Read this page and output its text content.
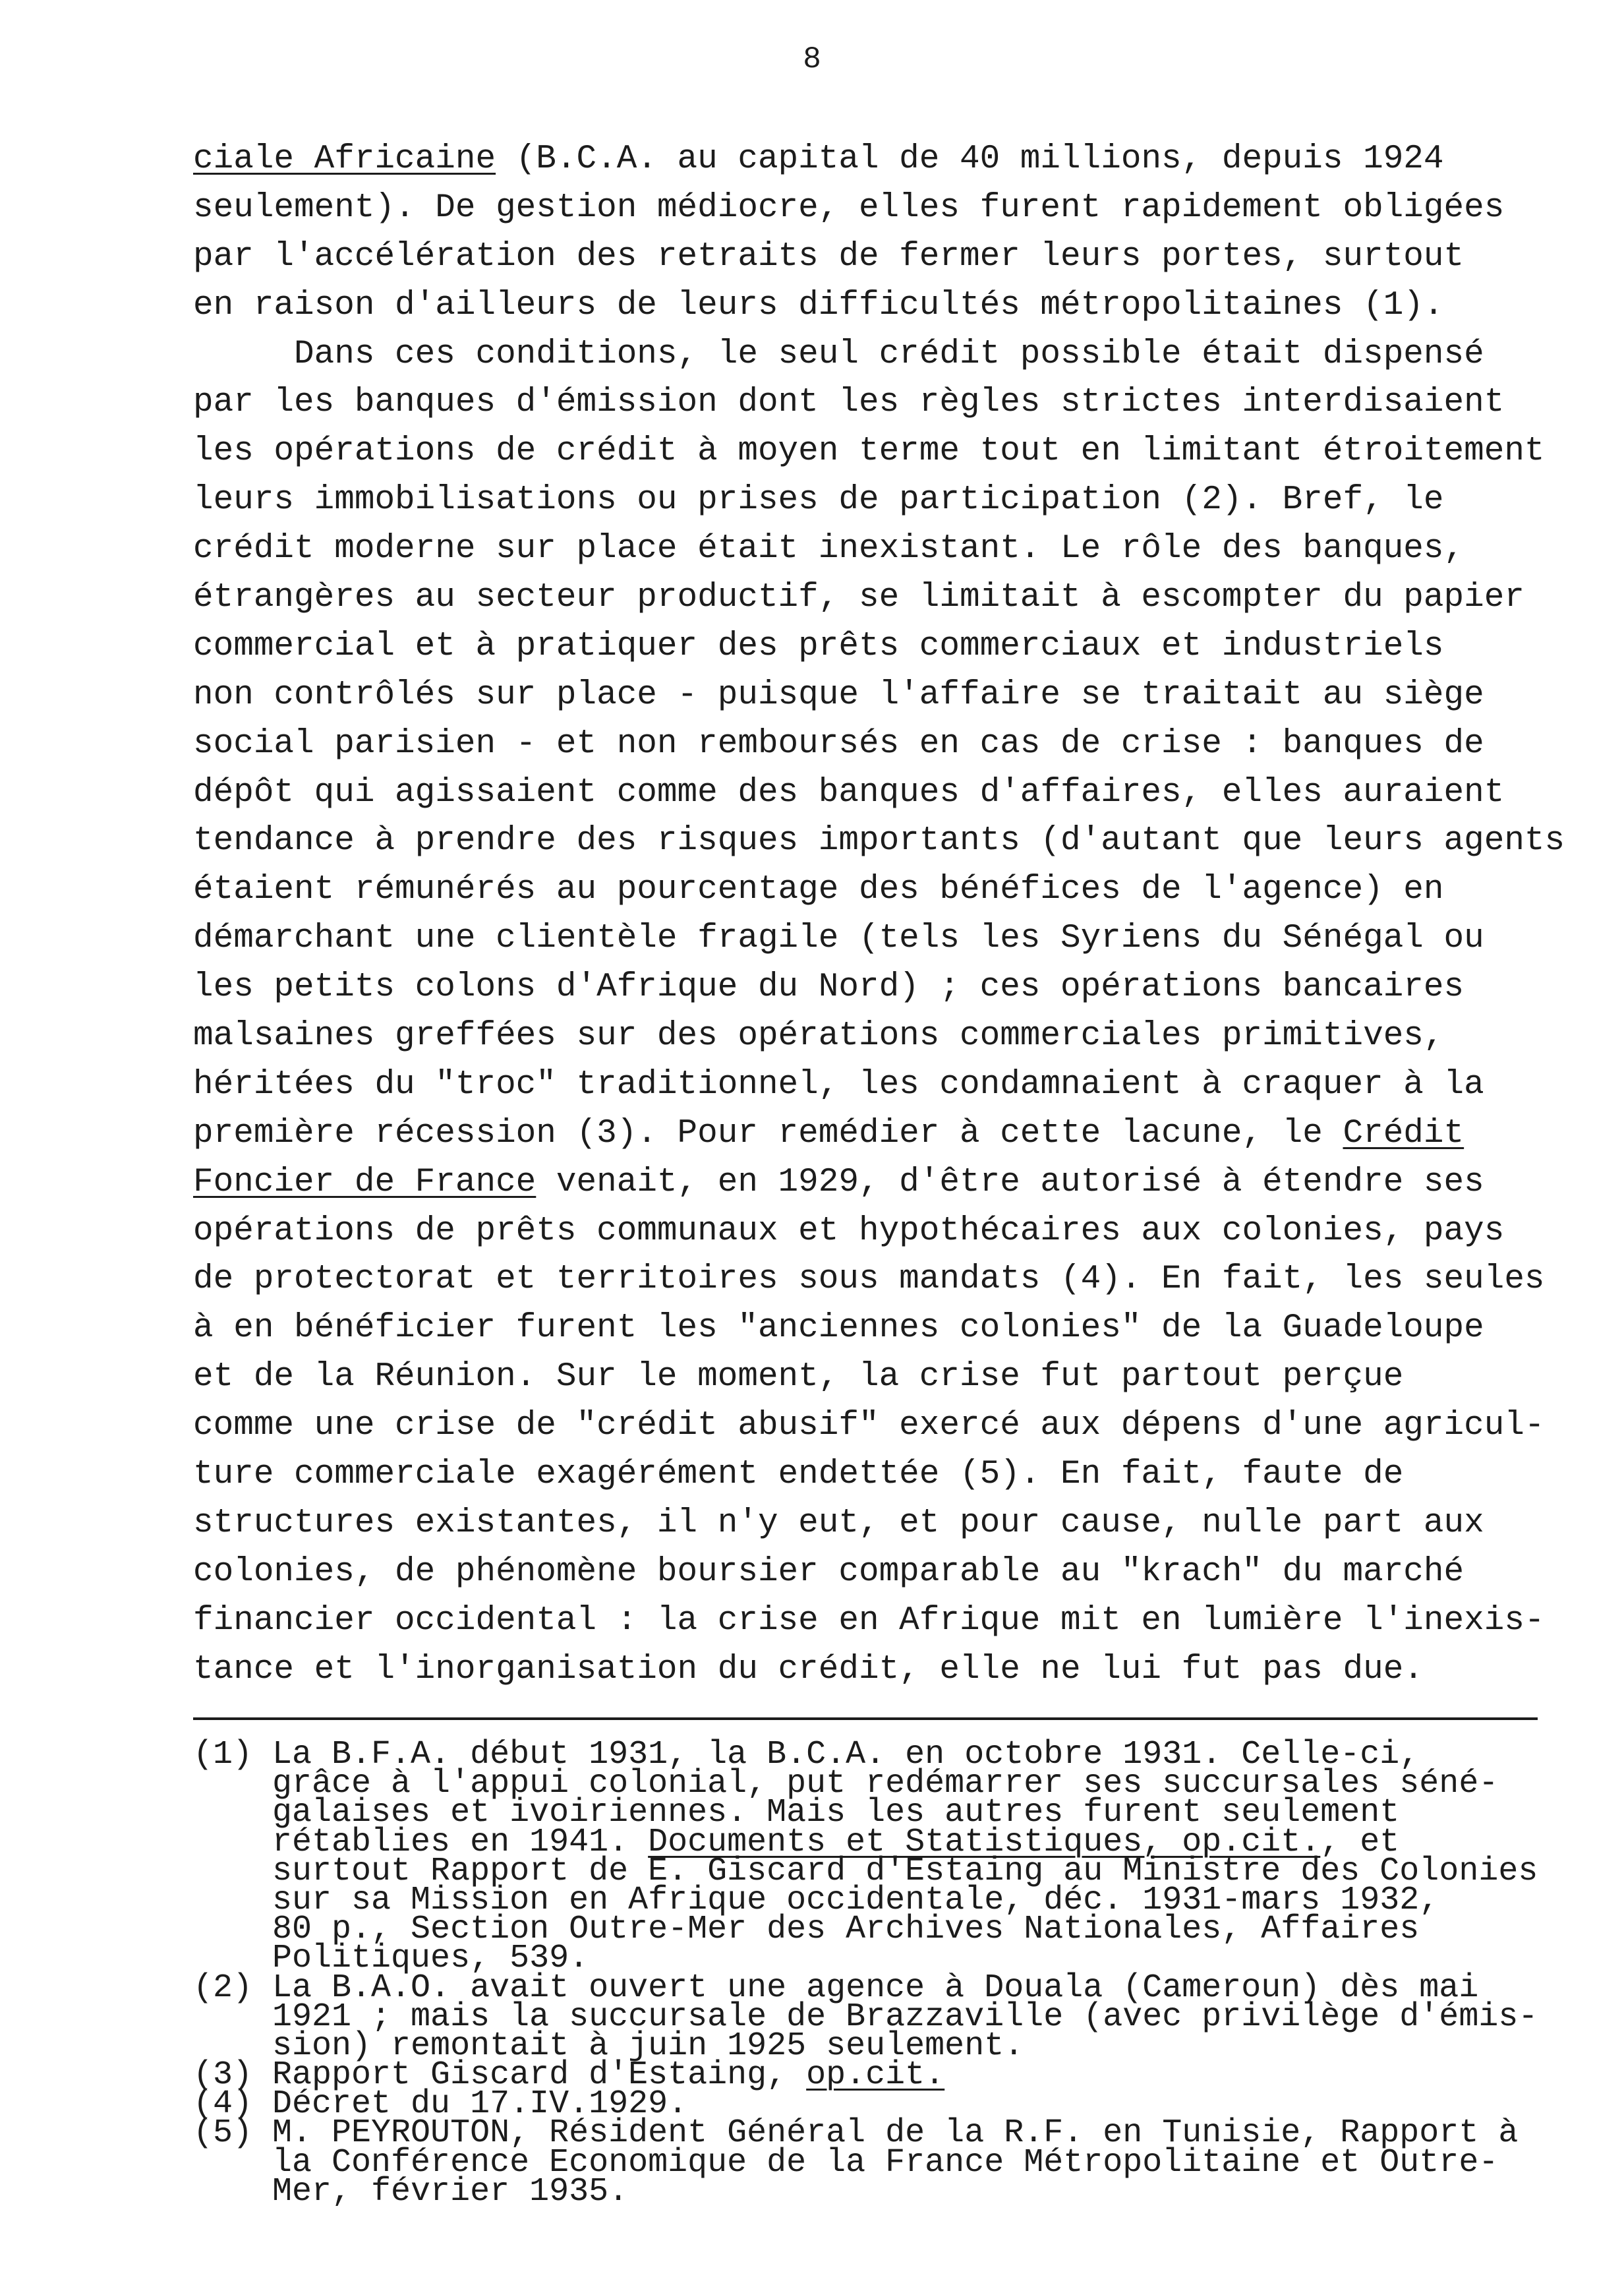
8
ciale Africaine (B.C.A. au capital de 40 millions, depuis 1924
seulement). De gestion médiocre, elles furent rapidement obligées
par l'accélération des retraits de fermer leurs portes, surtout
en raison d'ailleurs de leurs difficultés métropolitaines (1).
Dans ces conditions, le seul crédit possible était dispensé
par les banques d'émission dont les règles strictes interdisaient
les opérations de crédit à moyen terme tout en limitant étroitement
leurs immobilisations ou prises de participation (2). Bref, le
crédit moderne sur place était inexistant. Le rôle des banques,
étrangères au secteur productif, se limitait à escompter du papier
commercial et à pratiquer des prêts commerciaux et industriels
non contrôlés sur place - puisque l'affaire se traitait au siège
social parisien - et non remboursés en cas de crise : banques de
dépôt qui agissaient comme des banques d'affaires, elles auraient
tendance à prendre des risques importants (d'autant que leurs agents
étaient rémunérés au pourcentage des bénéfices de l'agence) en
démarchant une clientèle fragile (tels les Syriens du Sénégal ou
les petits colons d'Afrique du Nord) ; ces opérations bancaires
malsaines greffées sur des opérations commerciales primitives,
héritées du "troc" traditionnel, les condamnaient à craquer à la
première récession (3). Pour remédier à cette lacune, le Crédit
Foncier de France venait, en 1929, d'être autorisé à étendre ses
opérations de prêts communaux et hypothécaires aux colonies, pays
de protectorat et territoires sous mandats (4). En fait, les seules
à en bénéficier furent les "anciennes colonies" de la Guadeloupe
et de la Réunion. Sur le moment, la crise fut partout perçue
comme une crise de "crédit abusif" exercé aux dépens d'une agricul-
ture commerciale exagérément endettée (5). En fait, faute de
structures existantes, il n'y eut, et pour cause, nulle part aux
colonies, de phénomène boursier comparable au "krach" du marché
financier occidental : la crise en Afrique mit en lumière l'inexis-
tance et l'inorganisation du crédit, elle ne lui fut pas due.
(1) La B.F.A. début 1931, la B.C.A. en octobre 1931. Celle-ci,
grâce à l'appui colonial, put redémarrer ses succursales séné-
galaises et ivoiriennes. Mais les autres furent seulement
rétablies en 1941. Documents et Statistiques, op.cit., et
surtout Rapport de E. Giscard d'Estaing au Ministre des Colonies
sur sa Mission en Afrique occidentale, déc. 1931-mars 1932,
80 p., Section Outre-Mer des Archives Nationales, Affaires
Politiques, 539.
(2) La B.A.O. avait ouvert une agence à Douala (Cameroun) dès mai
1921 ; mais la succursale de Brazzaville (avec privilège d'émis-
sion) remontait à juin 1925 seulement.
(3) Rapport Giscard d'Estaing, op.cit.
(4) Décret du 17.IV.1929.
(5) M. PEYROUTON, Résident Général de la R.F. en Tunisie, Rapport à
la Conférence Economique de la France Métropolitaine et Outre-
Mer, février 1935.
